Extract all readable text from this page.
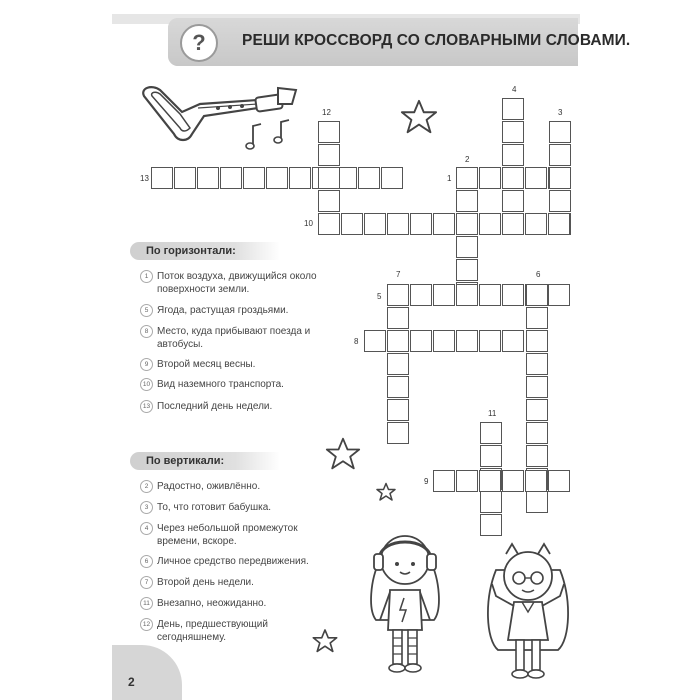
?	РЕШИ КРОССВОРД СО СЛОВАРНЫМИ СЛОВАМИ.
12
4
3
2
13	1
10
7	6
5
8
11
9
По горизонтали:
1 Поток воздуха, движущийся около поверхности земли.
5 Ягода, растущая гроздьями.
8 Место, куда прибывают поезда и автобусы.
9 Второй месяц весны.
10 Вид наземного транспорта.
13 Последний день недели.
По вертикали:
2 Радостно, оживлённо.
3 То, что готовит бабушка.
4 Через небольшой промежуток времени, вскоре.
6 Личное средство передвижения.
7 Второй день недели.
11 Внезапно, неожиданно.
12 День, предшествующий сегодняшнему.
2
